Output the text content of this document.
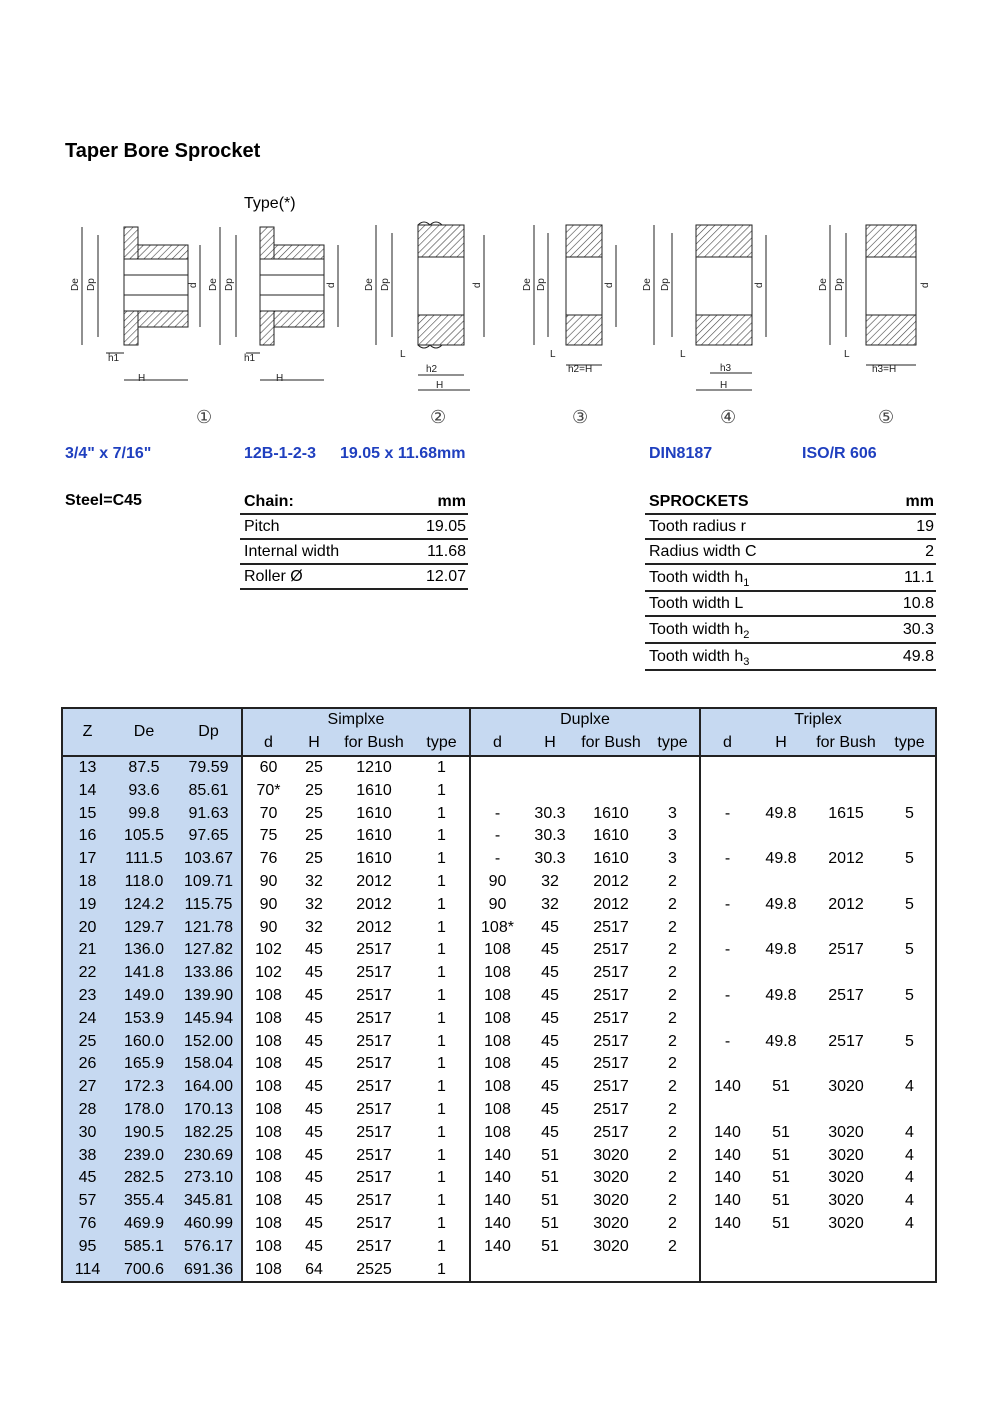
Taper Bore Sprocket
Type(*)
De Dp	d
h1
H
De Dp	d
h1
H
De Dp	d
L
h2
H
De Dp	d
L
h2=H
De Dp	d
L
h3
H
De Dp	d
L
h3=H
①	②	③	④	⑤
3/4" x 7/16"	12B-1-2-3 19.05 x 11.68mm	DIN8187	ISO/R 606
Steel=C45	Chain:	mm
Pitch	19.05
Internal width	11.68
Roller Ø	12.07
SPROCKETS	mm
Tooth radius r	19
Radius width C	2
Tooth width $h_1$	11.1
Tooth width L	10.8
Tooth width $h_2$	30.3
Tooth width $h_3$	49.8
Z	De	Dp	Simplxe				Duplxe				Triplex			
			d	H	for Bush	type	d	H	for Bush	type	d	H	for Bush	type
13	87.5	79.59	60	25	1210	1								
14	93.6	85.61	70*	25	1610	1								
15	99.8	91.63	70	25	1610	1	-	30.3	1610	3	-	49.8	1615	5
16	105.5	97.65	75	25	1610	1	-	30.3	1610	3				
17	111.5	103.67	76	25	1610	1	-	30.3	1610	3	-	49.8	2012	5
18	118.0	109.71	90	32	2012	1	90	32	2012	2				
19	124.2	115.75	90	32	2012	1	90	32	2012	2	-	49.8	2012	5
20	129.7	121.78	90	32	2012	1	108*	45	2517	2				
21	136.0	127.82	102	45	2517	1	108	45	2517	2	-	49.8	2517	5
22	141.8	133.86	102	45	2517	1	108	45	2517	2				
23	149.0	139.90	108	45	2517	1	108	45	2517	2	-	49.8	2517	5
24	153.9	145.94	108	45	2517	1	108	45	2517	2				
25	160.0	152.00	108	45	2517	1	108	45	2517	2	-	49.8	2517	5
26	165.9	158.04	108	45	2517	1	108	45	2517	2				
27	172.3	164.00	108	45	2517	1	108	45	2517	2	140	51	3020	4
28	178.0	170.13	108	45	2517	1	108	45	2517	2				
30	190.5	182.25	108	45	2517	1	108	45	2517	2	140	51	3020	4
38	239.0	230.69	108	45	2517	1	140	51	3020	2	140	51	3020	4
45	282.5	273.10	108	45	2517	1	140	51	3020	2	140	51	3020	4
57	355.4	345.81	108	45	2517	1	140	51	3020	2	140	51	3020	4
76	469.9	460.99	108	45	2517	1	140	51	3020	2	140	51	3020	4
95	585.1	576.17	108	45	2517	1	140	51	3020	2				
114	700.6	691.36	108	64	2525	1								
